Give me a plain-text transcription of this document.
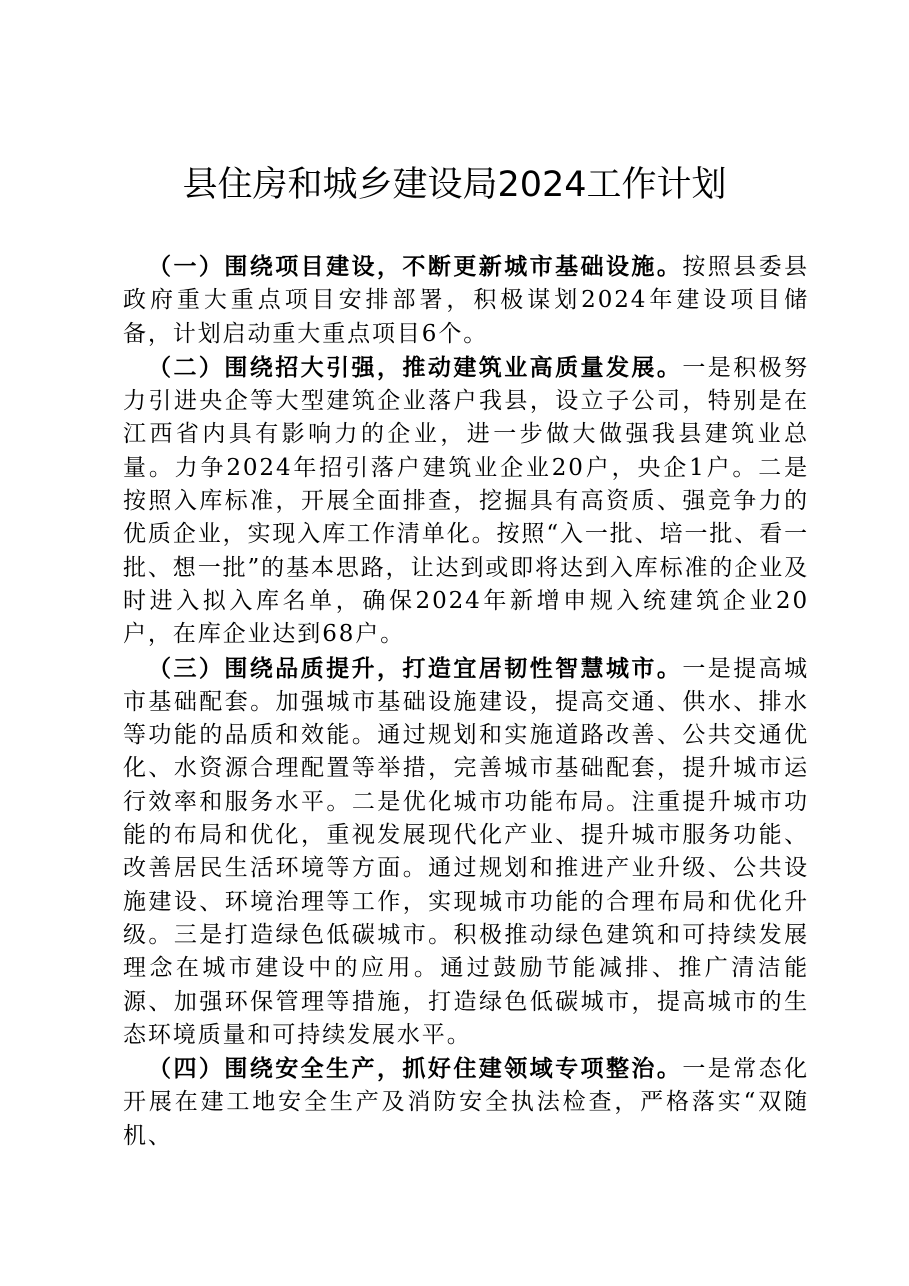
县住房和城乡建设局2024工作计划

（一）围绕项目建设，不断更新城市基础设施。按照县委县政府重大重点项目安排部署，积极谋划2024年建设项目储备，计划启动重大重点项目6个。

（二）围绕招大引强，推动建筑业高质量发展。一是积极努力引进央企等大型建筑企业落户我县，设立子公司，特别是在江西省内具有影响力的企业，进一步做大做强我县建筑业总量。力争2024年招引落户建筑业企业20户，央企1户。二是按照入库标准，开展全面排查，挖掘具有高资质、强竞争力的优质企业，实现入库工作清单化。按照“入一批、培一批、看一批、想一批”的基本思路，让达到或即将达到入库标准的企业及时进入拟入库名单，确保2024年新增申规入统建筑企业20户，在库企业达到68户。

（三）围绕品质提升，打造宜居韧性智慧城市。一是提高城市基础配套。加强城市基础设施建设，提高交通、供水、排水等功能的品质和效能。通过规划和实施道路改善、公共交通优化、水资源合理配置等举措，完善城市基础配套，提升城市运行效率和服务水平。二是优化城市功能布局。注重提升城市功能的布局和优化，重视发展现代化产业、提升城市服务功能、改善居民生活环境等方面。通过规划和推进产业升级、公共设施建设、环境治理等工作，实现城市功能的合理布局和优化升级。三是打造绿色低碳城市。积极推动绿色建筑和可持续发展理念在城市建设中的应用。通过鼓励节能减排、推广清洁能源、加强环保管理等措施，打造绿色低碳城市，提高城市的生态环境质量和可持续发展水平。

（四）围绕安全生产，抓好住建领域专项整治。一是常态化开展在建工地安全生产及消防安全执法检查，严格落实“双随机、
